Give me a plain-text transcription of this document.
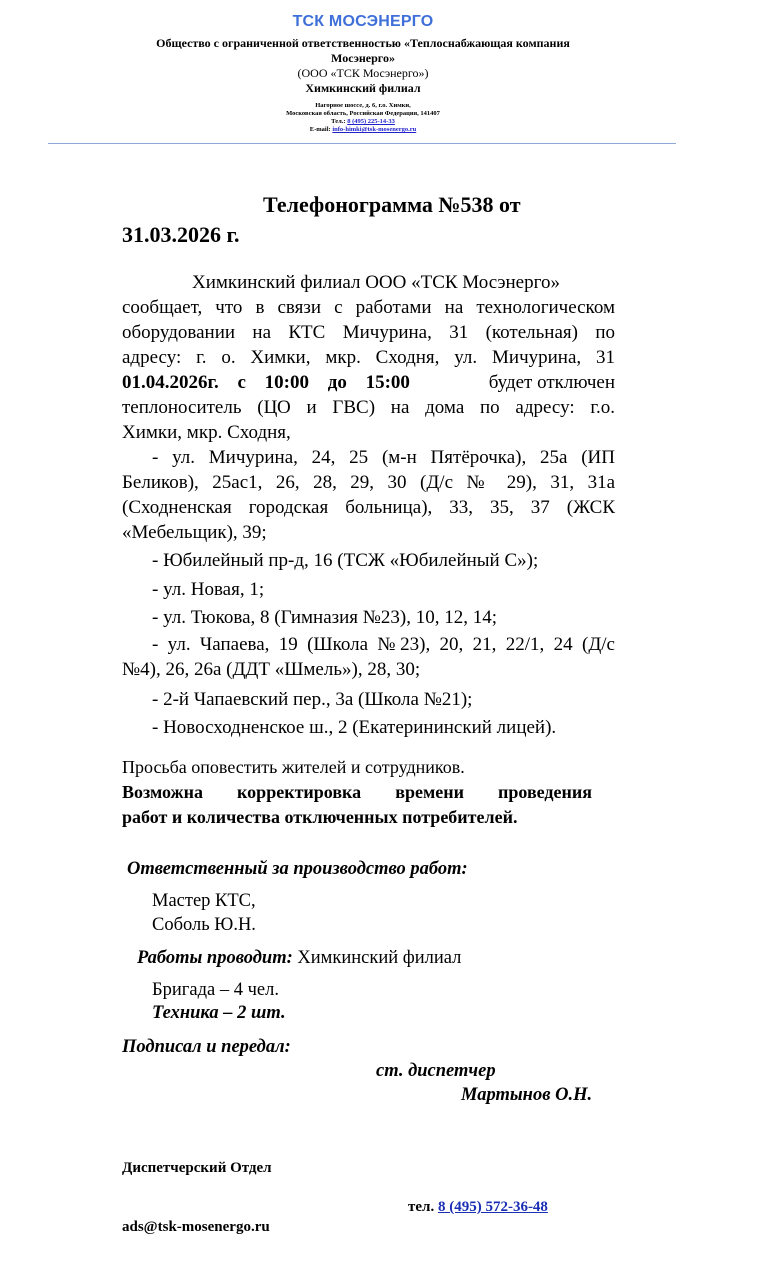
ТСК МОСЭНЕРГО
Общество с ограниченной ответственностью «Теплоснабжающая компания
Мосэнерго»
(ООО «ТСК Мосэнерго»)
Химкинский филиал
Нагорное шоссе, д. 6, г.о. Химки,
Московская область, Российская Федерация, 141407
Тел.: 8 (495) 225-14-33
E-mail: info-himki@tsk-mosenergo.ru
Телефонограмма №538 от
31.03.2026 г.
Химкинский филиал ООО «ТСК Мосэнерго»
сообщает, что в связи с работами на технологическом
оборудовании на КТС Мичурина, 31 (котельная) по
адресу: г. о. Химки, мкр. Сходня, ул. Мичурина, 31
01.04.2026г. с 10:00 до 15:00	будет отключен
теплоноситель (ЦО и ГВС) на дома по адресу: г.о.
Химки, мкр. Сходня,
- ул. Мичурина, 24, 25 (м-н Пятёрочка), 25а (ИП
Беликов), 25ас1, 26, 28, 29, 30 (Д/с № 29), 31, 31а
(Сходненская городская больница), 33, 35, 37 (ЖСК
«Мебельщик), 39;
- Юбилейный пр-д, 16 (ТСЖ «Юбилейный С»);
- ул. Новая, 1;
- ул. Тюкова, 8 (Гимназия №23), 10, 12, 14;
- ул. Чапаева, 19 (Школа №23), 20, 21, 22/1, 24 (Д/с
№4), 26, 26а (ДДТ «Шмель»), 28, 30;
- 2-й Чапаевский пер., 3а (Школа №21);
- Новосходненское ш., 2 (Екатерининский лицей).
Просьба оповестить жителей и сотрудников.
Возможна корректировка времени проведения
работ и количества отключенных потребителей.
Ответственный за производство работ:
Мастер КТС,
Соболь Ю.Н.
Работы проводит: Химкинский филиал
Бригада – 4 чел.
Техника – 2 шт.
Подписал и передал:
ст. диспетчер
Мартынов О.Н.
Диспетчерский Отдел
тел. 8 (495) 572-36-48
ads@tsk-mosenergo.ru
